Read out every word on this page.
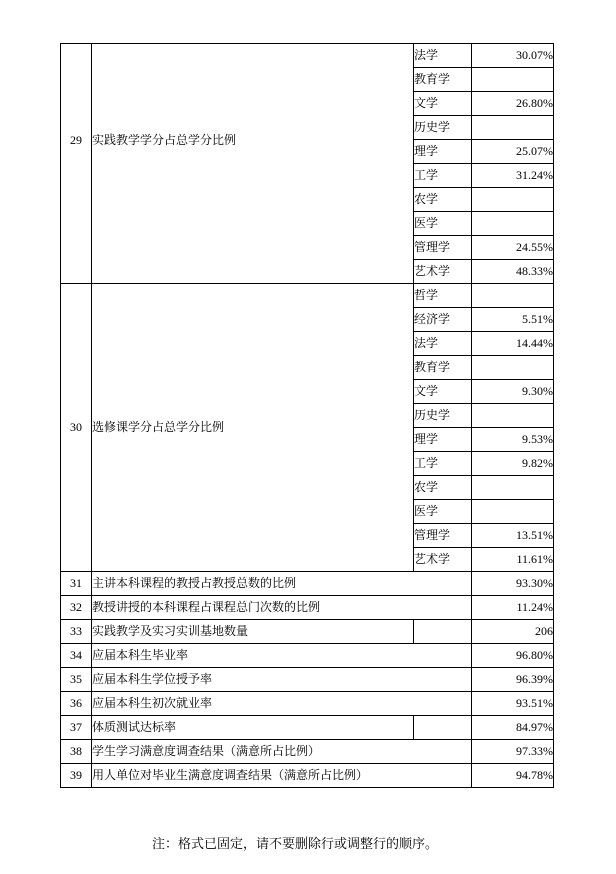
29	实践教学学分占总学分比例	法学	30.07%
		教育学	
		文学	26.80%
		历史学	
		理学	25.07%
		工学	31.24%
		农学	
		医学	
		管理学	24.55%
		艺术学	48.33%

30	选修课学分占总学分比例	哲学	
		经济学	5.51%
		法学	14.44%
		教育学	
		文学	9.30%
		历史学	
		理学	9.53%
		工学	9.82%
		农学	
		医学	
		管理学	13.51%
		艺术学	11.61%
31	主讲本科课程的教授占教授总数的比例		93.30%
32	教授讲授的本科课程占课程总门次数的比例		11.24%
33	实践教学及实习实训基地数量		206
34	应届本科生毕业率		96.80%
35	应届本科生学位授予率		96.39%
36	应届本科生初次就业率		93.51%
37	体质测试达标率		84.97%
38	学生学习满意度调查结果（满意所占比例）		97.33%
39	用人单位对毕业生满意度调查结果（满意所占比例）		94.78%
注：格式已固定，请不要删除行或调整行的顺序。
